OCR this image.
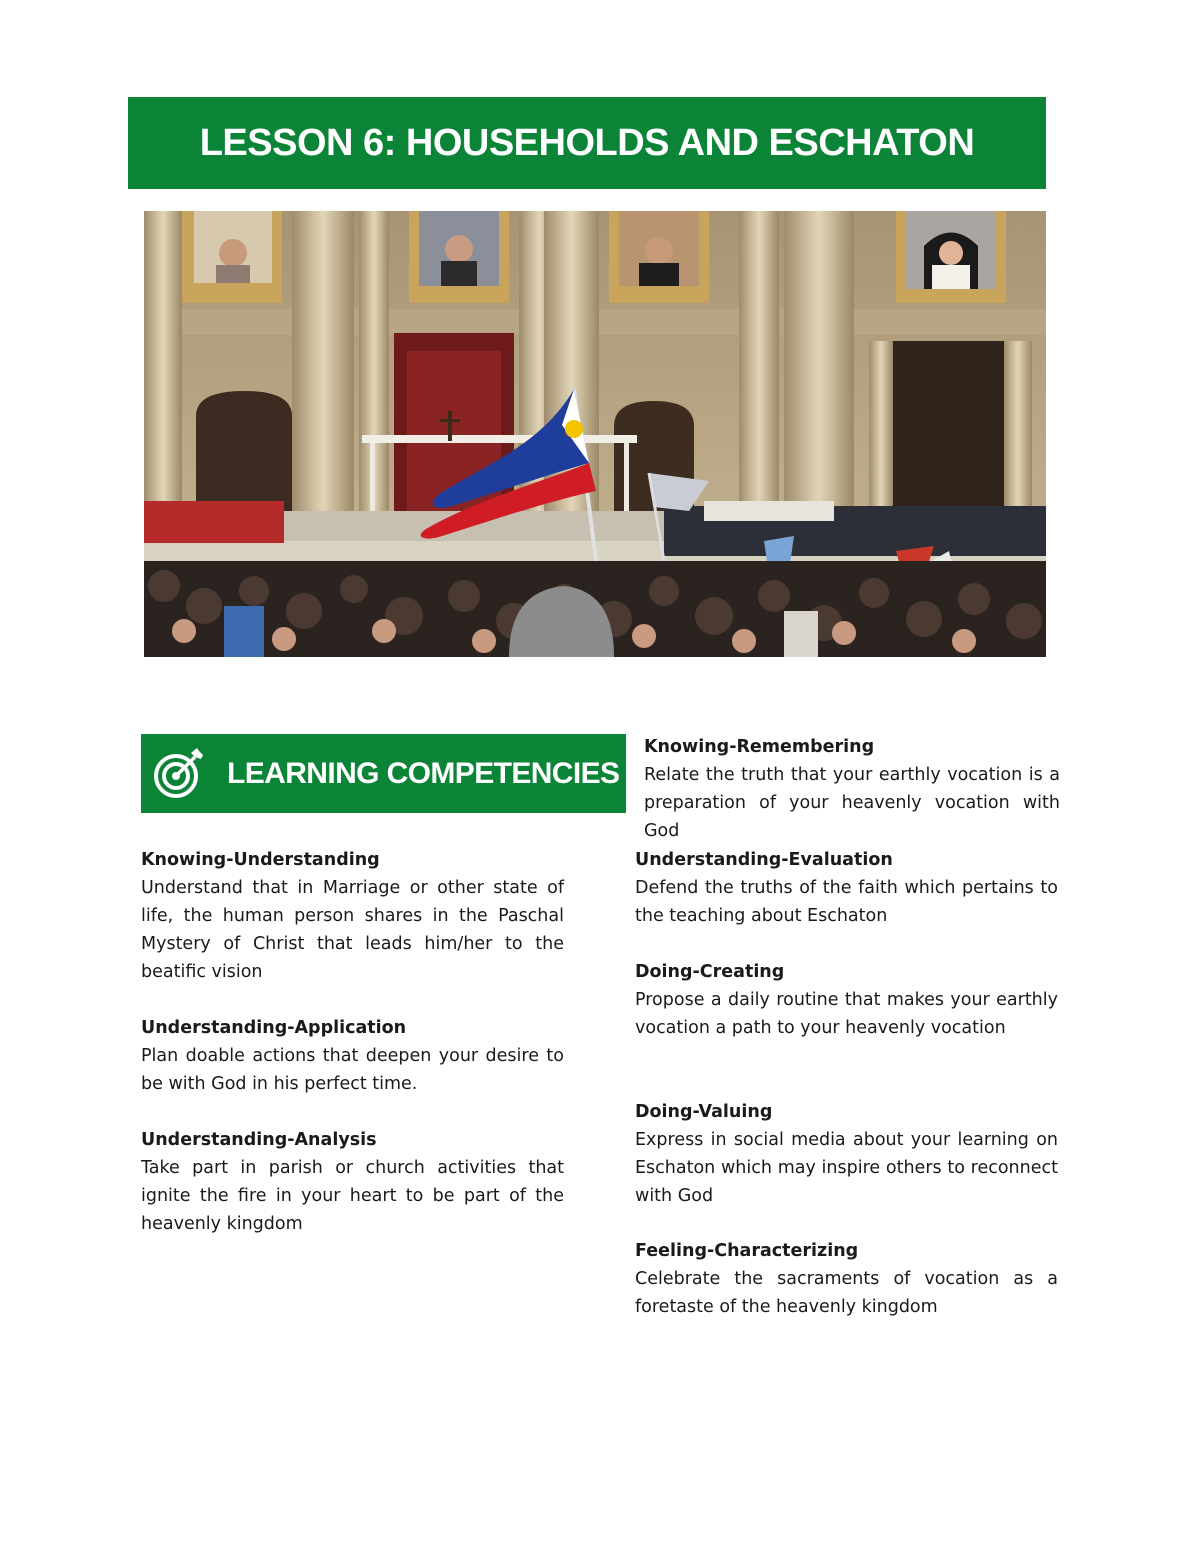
LESSON 6: HOUSEHOLDS AND ESCHATON
LEARNING COMPETENCIES
Knowing-Remembering

Relate the truth that your earthly vocation is a preparation of your heavenly vocation with God

Knowing-Understanding

Understand that in Marriage or other state of life, the human person shares in the Paschal Mystery of Christ that leads him/her to the beatific vision

Understanding-Application

Plan doable actions that deepen your desire to be with God in his perfect time.

Understanding-Analysis

Take part in parish or church activities that ignite the fire in your heart to be part of the heavenly kingdom

Understanding-Evaluation

Defend the truths of the faith which pertains to the teaching about Eschaton

Doing-Creating

Propose a daily routine that makes your earthly vocation a path to your heavenly vocation

Doing-Valuing

Express in social media about your learning on Eschaton which may inspire others to reconnect with God

Feeling-Characterizing

Celebrate the sacraments of vocation as a foretaste of the heavenly kingdom
